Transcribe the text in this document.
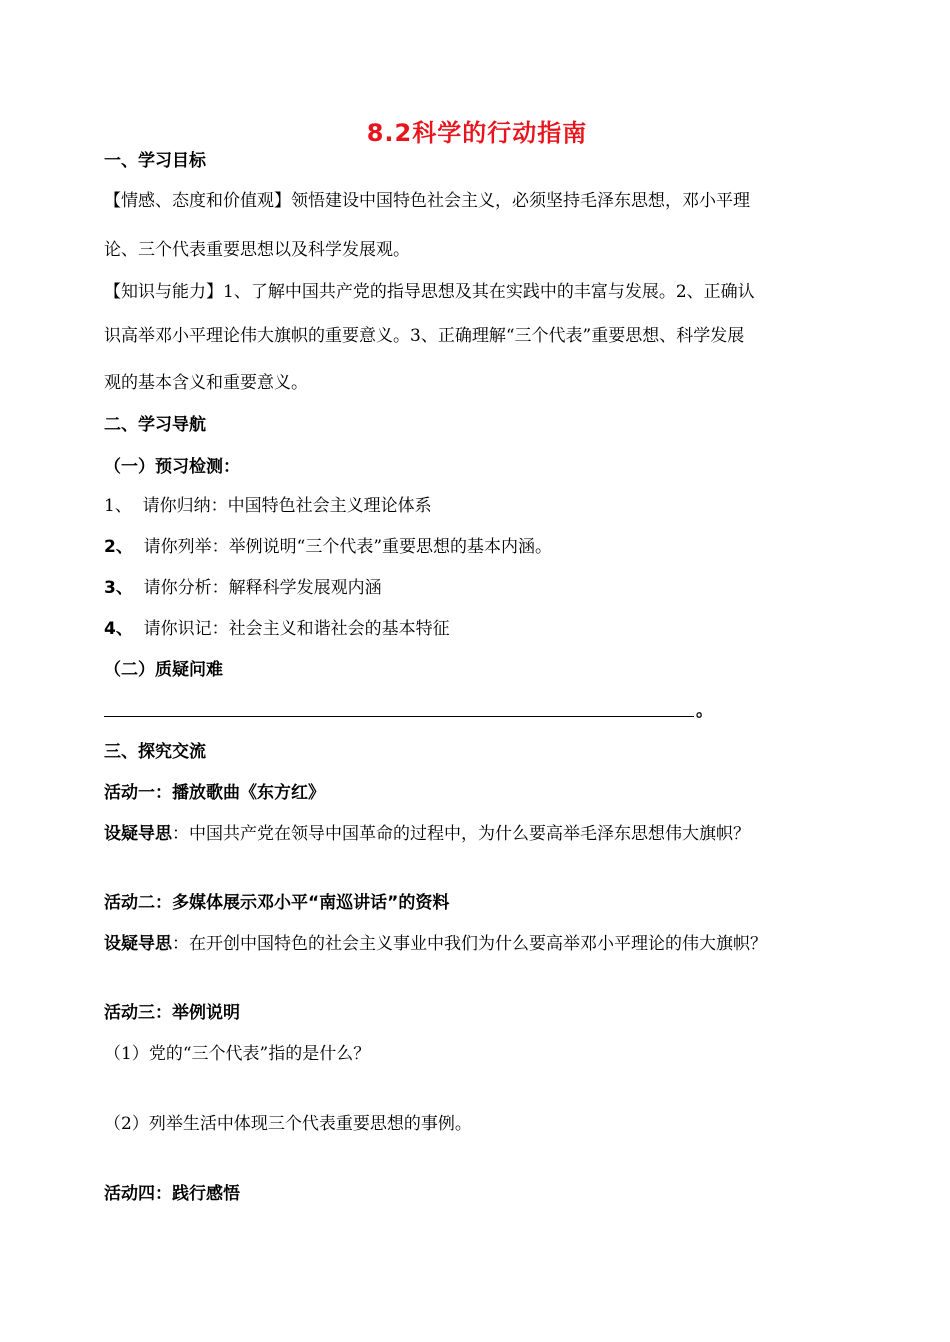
8.2科学的行动指南
一、学习目标
【情感、态度和价值观】领悟建设中国特色社会主义，必须坚持毛泽东思想，邓小平理
论、三个代表重要思想以及科学发展观。
【知识与能力】1、了解中国共产党的指导思想及其在实践中的丰富与发展。2、正确认
识高举邓小平理论伟大旗帜的重要意义。3、正确理解“三个代表”重要思想、科学发展
观的基本含义和重要意义。
二、学习导航
（一）预习检测：
1、 请你归纳：中国特色社会主义理论体系
2、 请你列举：举例说明“三个代表”重要思想的基本内涵。
3、 请你分析：解释科学发展观内涵
4、 请你识记：社会主义和谐社会的基本特征
（二）质疑问难
。
三、探究交流
活动一：播放歌曲《东方红》
设疑导思：中国共产党在领导中国革命的过程中，为什么要高举毛泽东思想伟大旗帜？
活动二：多媒体展示邓小平“南巡讲话”的资料
设疑导思：在开创中国特色的社会主义事业中我们为什么要高举邓小平理论的伟大旗帜？
活动三：举例说明
（1）党的“三个代表”指的是什么？
（2）列举生活中体现三个代表重要思想的事例。
活动四：践行感悟
